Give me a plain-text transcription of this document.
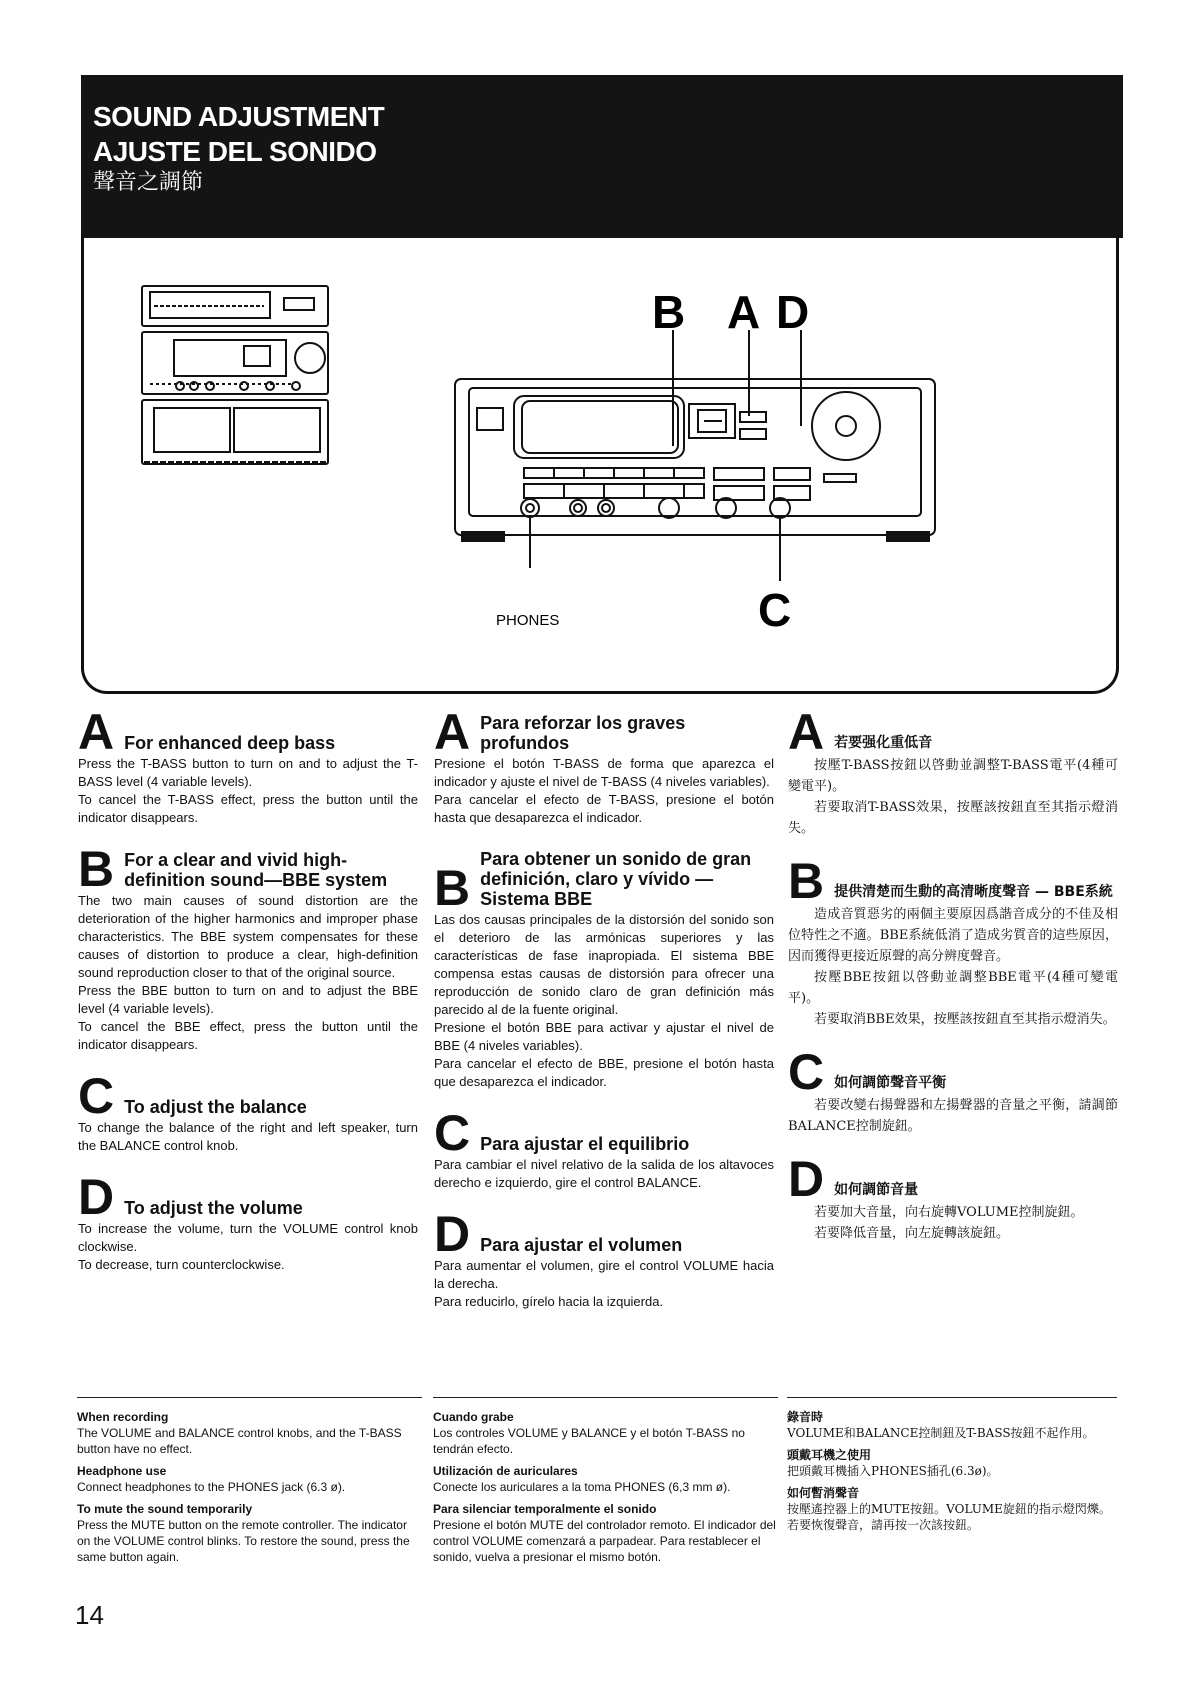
SOUND ADJUSTMENT
AJUSTE DEL SONIDO
聲音之調節
B A D
C
PHONES
A For enhanced deep bass

Press the T-BASS button to turn on and to adjust the T-BASS level (4 variable levels).
To cancel the T-BASS effect, press the button until the indicator disappears.

B For a clear and vivid high-definition sound—BBE system

The two main causes of sound distortion are the deterioration of the higher harmonics and improper phase characteristics. The BBE system compensates for these causes of distortion to produce a clear, high-definition sound reproduction closer to that of the original source.
Press the BBE button to turn on and to adjust the BBE level (4 variable levels).
To cancel the BBE effect, press the button until the indicator disappears.

C To adjust the balance

To change the balance of the right and left speaker, turn the BALANCE control knob.

D To adjust the volume

To increase the volume, turn the VOLUME control knob clockwise.
To decrease, turn counterclockwise.

A Para reforzar los graves profundos

Presione el botón T-BASS de forma que aparezca el indicador y ajuste el nivel de T-BASS (4 niveles variables).
Para cancelar el efecto de T-BASS, presione el botón hasta que desaparezca el indicador.

B
Para obtener un sonido de gran definición, claro y vívido —Sistema BBE

Las dos causas principales de la distorsión del sonido son el deterioro de las armónicas superiores y las características de fase inapropiada. El sistema BBE compensa estas causas de distorsión para ofrecer una reproducción de sonido claro de gran definición más parecido al de la fuente original.
Presione el botón BBE para activar y ajustar el nivel de BBE (4 niveles variables).
Para cancelar el efecto de BBE, presione el botón hasta que desaparezca el indicador.

C Para ajustar el equilibrio

Para cambiar el nivel relativo de la salida de los altavoces derecho e izquierdo, gire el control BALANCE.

D Para ajustar el volumen

Para aumentar el volumen, gire el control VOLUME hacia la derecha.
Para reducirlo, gírelo hacia la izquierda.

A 若要强化重低音

按壓T-BASS按鈕以啓動並調整T-BASS電平(4種可變電平)。

若要取消T-BASS效果，按壓該按鈕直至其指示燈消失。

B 提供清楚而生動的高清晰度聲音 — BBE系統

造成音質惡劣的兩個主要原因爲諧音成分的不佳及相位特性之不適。BBE系統低消了造成劣質音的這些原因，因而獲得更接近原聲的高分辨度聲音。

按壓BBE按鈕以啓動並調整BBE電平(4種可變電平)。

若要取消BBE效果，按壓該按鈕直至其指示燈消失。

C 如何調節聲音平衡

若要改變右揚聲器和左揚聲器的音量之平衡，請調節BALANCE控制旋鈕。

D 如何調節音量

若要加大音量，向右旋轉VOLUME控制旋鈕。

若要降低音量，向左旋轉該旋鈕。

When recording

The VOLUME and BALANCE control knobs, and the T-BASS button have no effect.

Headphone use

Connect headphones to the PHONES jack (6.3 ø).

To mute the sound temporarily

Press the MUTE button on the remote controller. The indicator on the VOLUME control blinks. To restore the sound, press the same button again.

Cuando grabe

Los controles VOLUME y BALANCE y el botón T-BASS no tendrán efecto.

Utilización de auriculares

Conecte los auriculares a la toma PHONES (6,3 mm ø).

Para silenciar temporalmente el sonido

Presione el botón MUTE del controlador remoto. El indicador del control VOLUME comenzará a parpadear. Para restablecer el sonido, vuelva a presionar el mismo botón.

錄音時

VOLUME和BALANCE控制鈕及T-BASS按鈕不起作用。

頭戴耳機之使用

把頭戴耳機插入PHONES插孔(6.3ø)。

如何暫消聲音

按壓遙控器上的MUTE按鈕。VOLUME旋鈕的指示燈閃爍。若要恢復聲音，請再按一次該按鈕。

14
